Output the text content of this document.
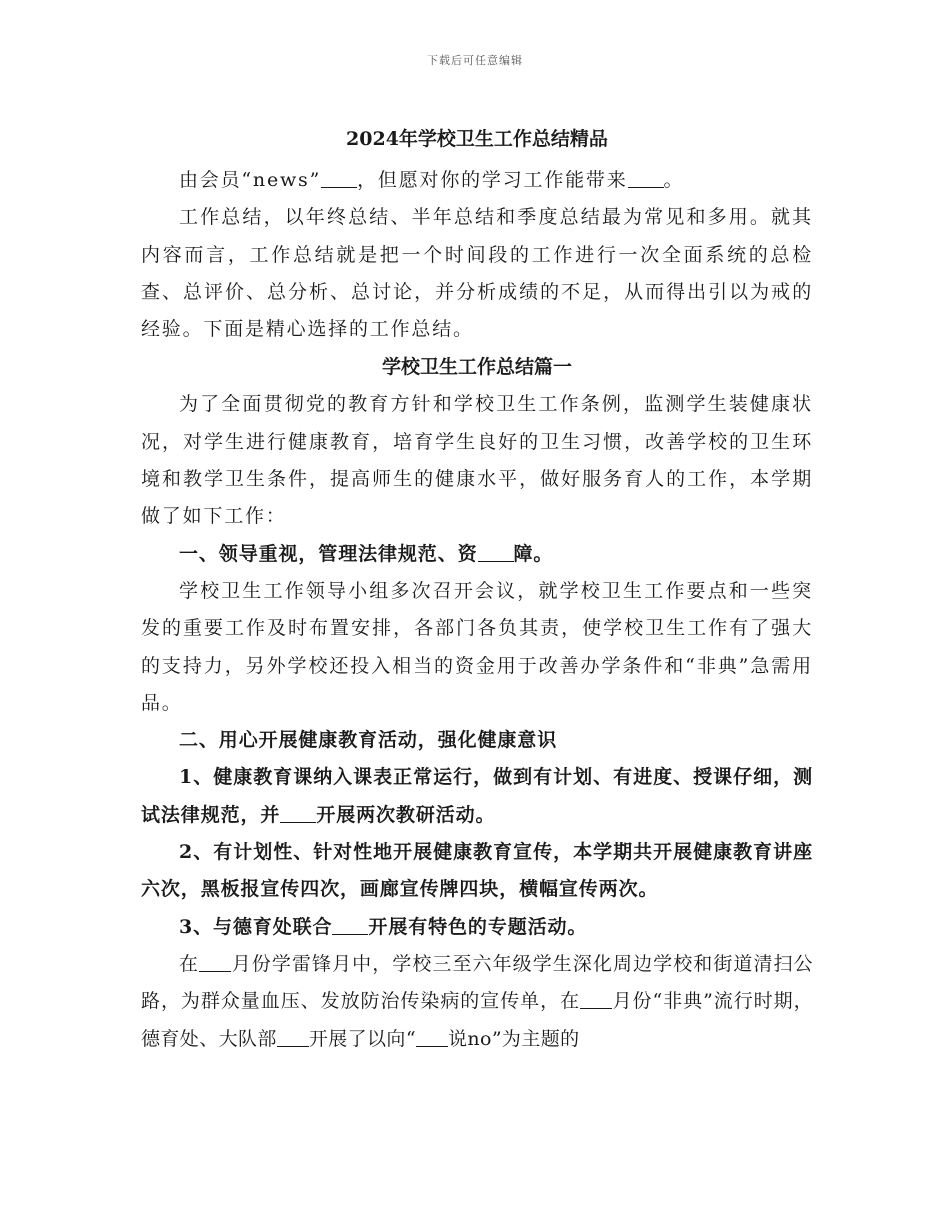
下载后可任意编辑
2024年学校卫生工作总结精品

由会员“news” ，但愿对你的学习工作能带来 。

工作总结，以年终总结、半年总结和季度总结最为常见和多用。就其内容而言，工作总结就是把一个时间段的工作进行一次全面系统的总检查、总评价、总分析、总讨论，并分析成绩的不足，从而得出引以为戒的经验。下面是精心选择的工作总结。

学校卫生工作总结篇一

为了全面贯彻党的教育方针和学校卫生工作条例，监测学生装健康状况，对学生进行健康教育，培育学生良好的卫生习惯，改善学校的卫生环境和教学卫生条件，提高师生的健康水平，做好服务育人的工作，本学期做了如下工作：

一、领导重视，管理法律规范、资 障。

学校卫生工作领导小组多次召开会议，就学校卫生工作要点和一些突发的重要工作及时布置安排，各部门各负其责，使学校卫生工作有了强大的支持力，另外学校还投入相当的资金用于改善办学条件和“非典”急需用品。

二、用心开展健康教育活动，强化健康意识

1、健康教育课纳入课表正常运行，做到有计划、有进度、授课仔细，测试法律规范，并 开展两次教研活动。

2、有计划性、针对性地开展健康教育宣传，本学期共开展健康教育讲座六次，黑板报宣传四次，画廊宣传牌四块，横幅宣传两次。

3、与德育处联合 开展有特色的专题活动。

在 月份学雷锋月中，学校三至六年级学生深化周边学校和街道清扫公路，为群众量血压、发放防治传染病的宣传单，在 月份“非典”流行时期，德育处、大队部 开展了以向“ 说no”为主题的
